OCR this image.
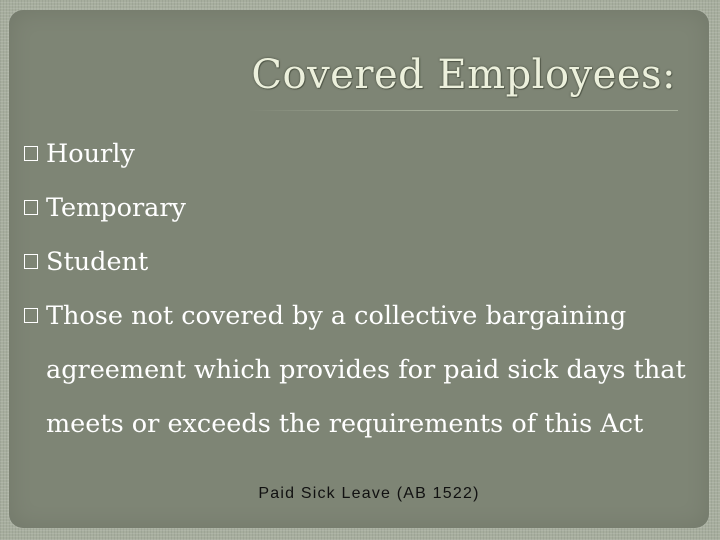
Covered Employees:
Hourly
Temporary
Student
Those not covered by a collective bargaining agreement which provides for paid sick days that meets or exceeds the requirements of this Act
Paid Sick Leave (AB 1522)
